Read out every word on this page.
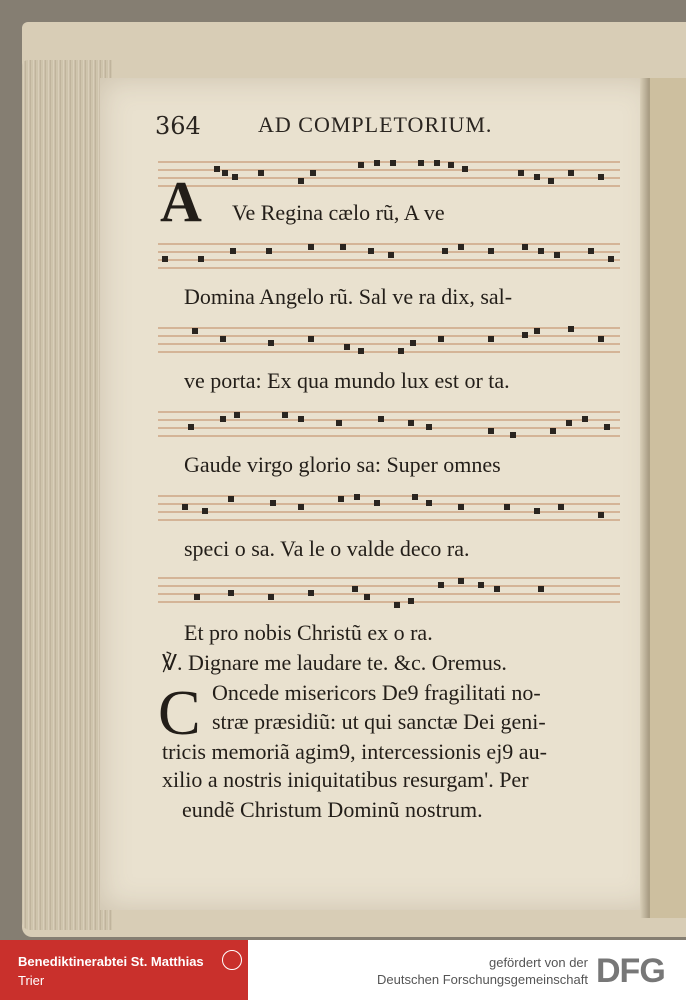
364	AD COMPLETORIUM.
A Ve Regina cælo rũ, A ve
Domina Angelo rũ. Sal ve ra dix, sal-
ve porta: Ex qua mundo lux est or ta.
Gaude virgo glorio sa: Super omnes
speci o sa. Va le o valde deco ra.
Et pro nobis Christũ ex o ra.
℣. Dignare me laudare te. &c. Oremus.
C Oncede misericors De9 fragilitati no-
stræ præsidiũ: ut qui sanctæ Dei geni-
tricis memoriã agim9, intercessionis ej9 au-
xilio a nostris iniquitatibus resurgam'. Per
eundẽ Christum Dominũ nostrum.
Benediktinerabtei St. Matthias
Trier
gefördert von der
Deutschen Forschungsgemeinschaft DFG
